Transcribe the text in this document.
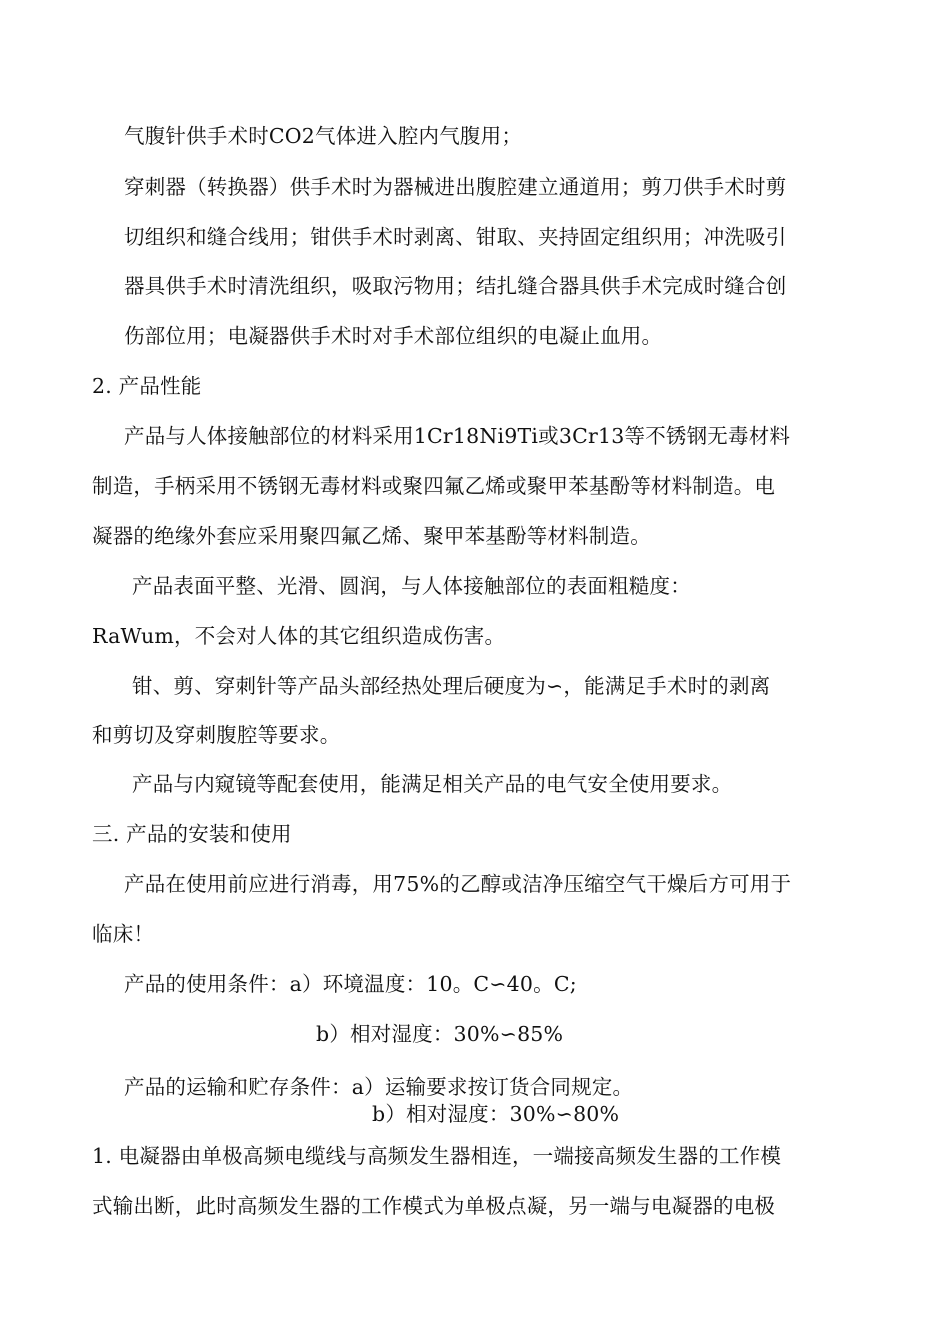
气腹针供手术时CO2气体进入腔内气腹用；

穿刺器（转换器）供手术时为器械进出腹腔建立通道用；剪刀供手术时剪

切组织和缝合线用；钳供手术时剥离、钳取、夹持固定组织用；冲洗吸引

器具供手术时清洗组织，吸取污物用；结扎缝合器具供手术完成时缝合创

伤部位用；电凝器供手术时对手术部位组织的电凝止血用。

2. 产品性能

产品与人体接触部位的材料采用1Cr18Ni9Ti或3Cr13等不锈钢无毒材料

制造，手柄采用不锈钢无毒材料或聚四氟乙烯或聚甲苯基酚等材料制造。电

凝器的绝缘外套应采用聚四氟乙烯、聚甲苯基酚等材料制造。

产品表面平整、光滑、圆润，与人体接触部位的表面粗糙度：

RaWum，不会对人体的其它组织造成伤害。

钳、剪、穿刺针等产品头部经热处理后硬度为∽，能满足手术时的剥离

和剪切及穿刺腹腔等要求。

产品与内窥镜等配套使用，能满足相关产品的电气安全使用要求。

三. 产品的安装和使用

产品在使用前应进行消毒，用75%的乙醇或洁净压缩空气干燥后方可用于

临床！

产品的使用条件：a）环境温度：10。C∽40。C;

b）相对湿度：30%∽85%

产品的运输和贮存条件：a）运输要求按订货合同规定。

b）相对湿度：30%∽80%

1. 电凝器由单极高频电缆线与高频发生器相连，一端接高频发生器的工作模

式输出断，此时高频发生器的工作模式为单极点凝，另一端与电凝器的电极
